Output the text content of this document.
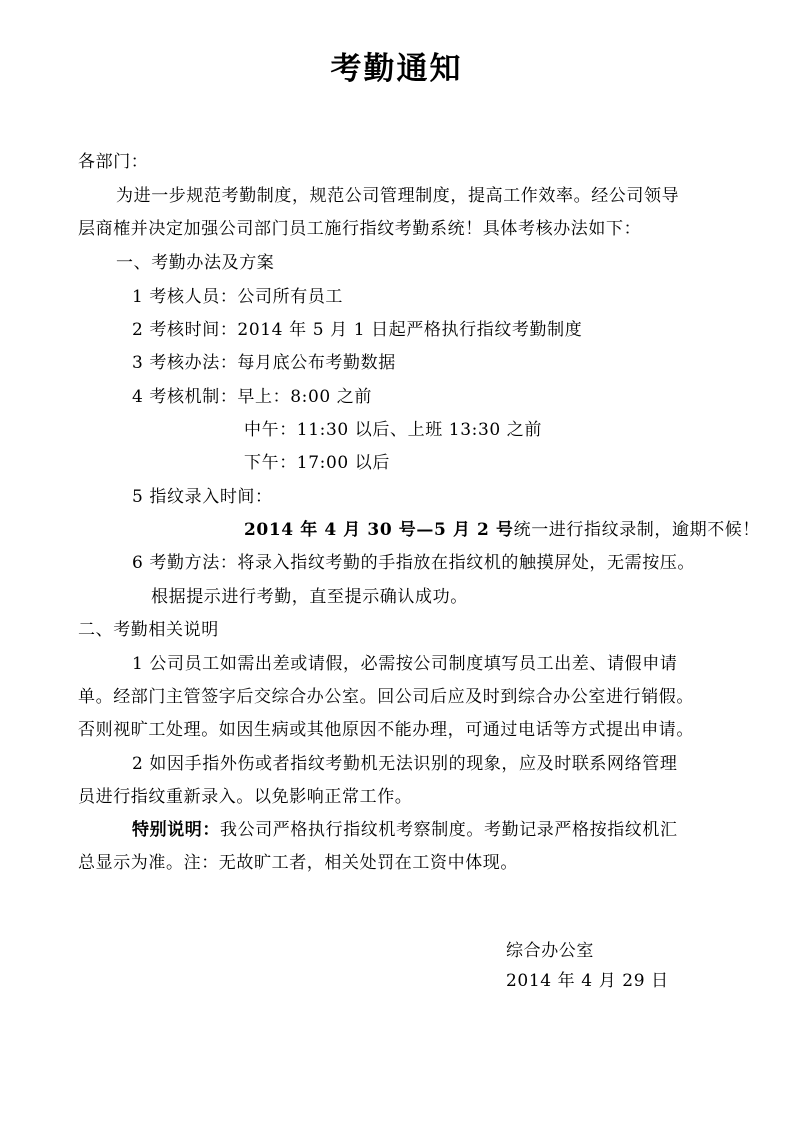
考勤通知
各部门：
为进一步规范考勤制度，规范公司管理制度，提高工作效率。经公司领导
层商榷并决定加强公司部门员工施行指纹考勤系统！具体考核办法如下：
一、考勤办法及方案
1 考核人员：公司所有员工
2 考核时间：2014 年 5 月 1 日起严格执行指纹考勤制度
3 考核办法：每月底公布考勤数据
4 考核机制：早上：8:00 之前
中午：11:30 以后、上班 13:30 之前
下午：17:00 以后
5 指纹录入时间：
2014 年 4 月 30 号—5 月 2 号统一进行指纹录制，逾期不候！
6 考勤方法：将录入指纹考勤的手指放在指纹机的触摸屏处，无需按压。
根据提示进行考勤，直至提示确认成功。
二、考勤相关说明
1 公司员工如需出差或请假，必需按公司制度填写员工出差、请假申请
单。经部门主管签字后交综合办公室。回公司后应及时到综合办公室进行销假。
否则视旷工处理。如因生病或其他原因不能办理，可通过电话等方式提出申请。
2 如因手指外伤或者指纹考勤机无法识别的现象，应及时联系网络管理
员进行指纹重新录入。以免影响正常工作。
特别说明：我公司严格执行指纹机考察制度。考勤记录严格按指纹机汇
总显示为准。注：无故旷工者，相关处罚在工资中体现。
综合办公室
2014 年 4 月 29 日
